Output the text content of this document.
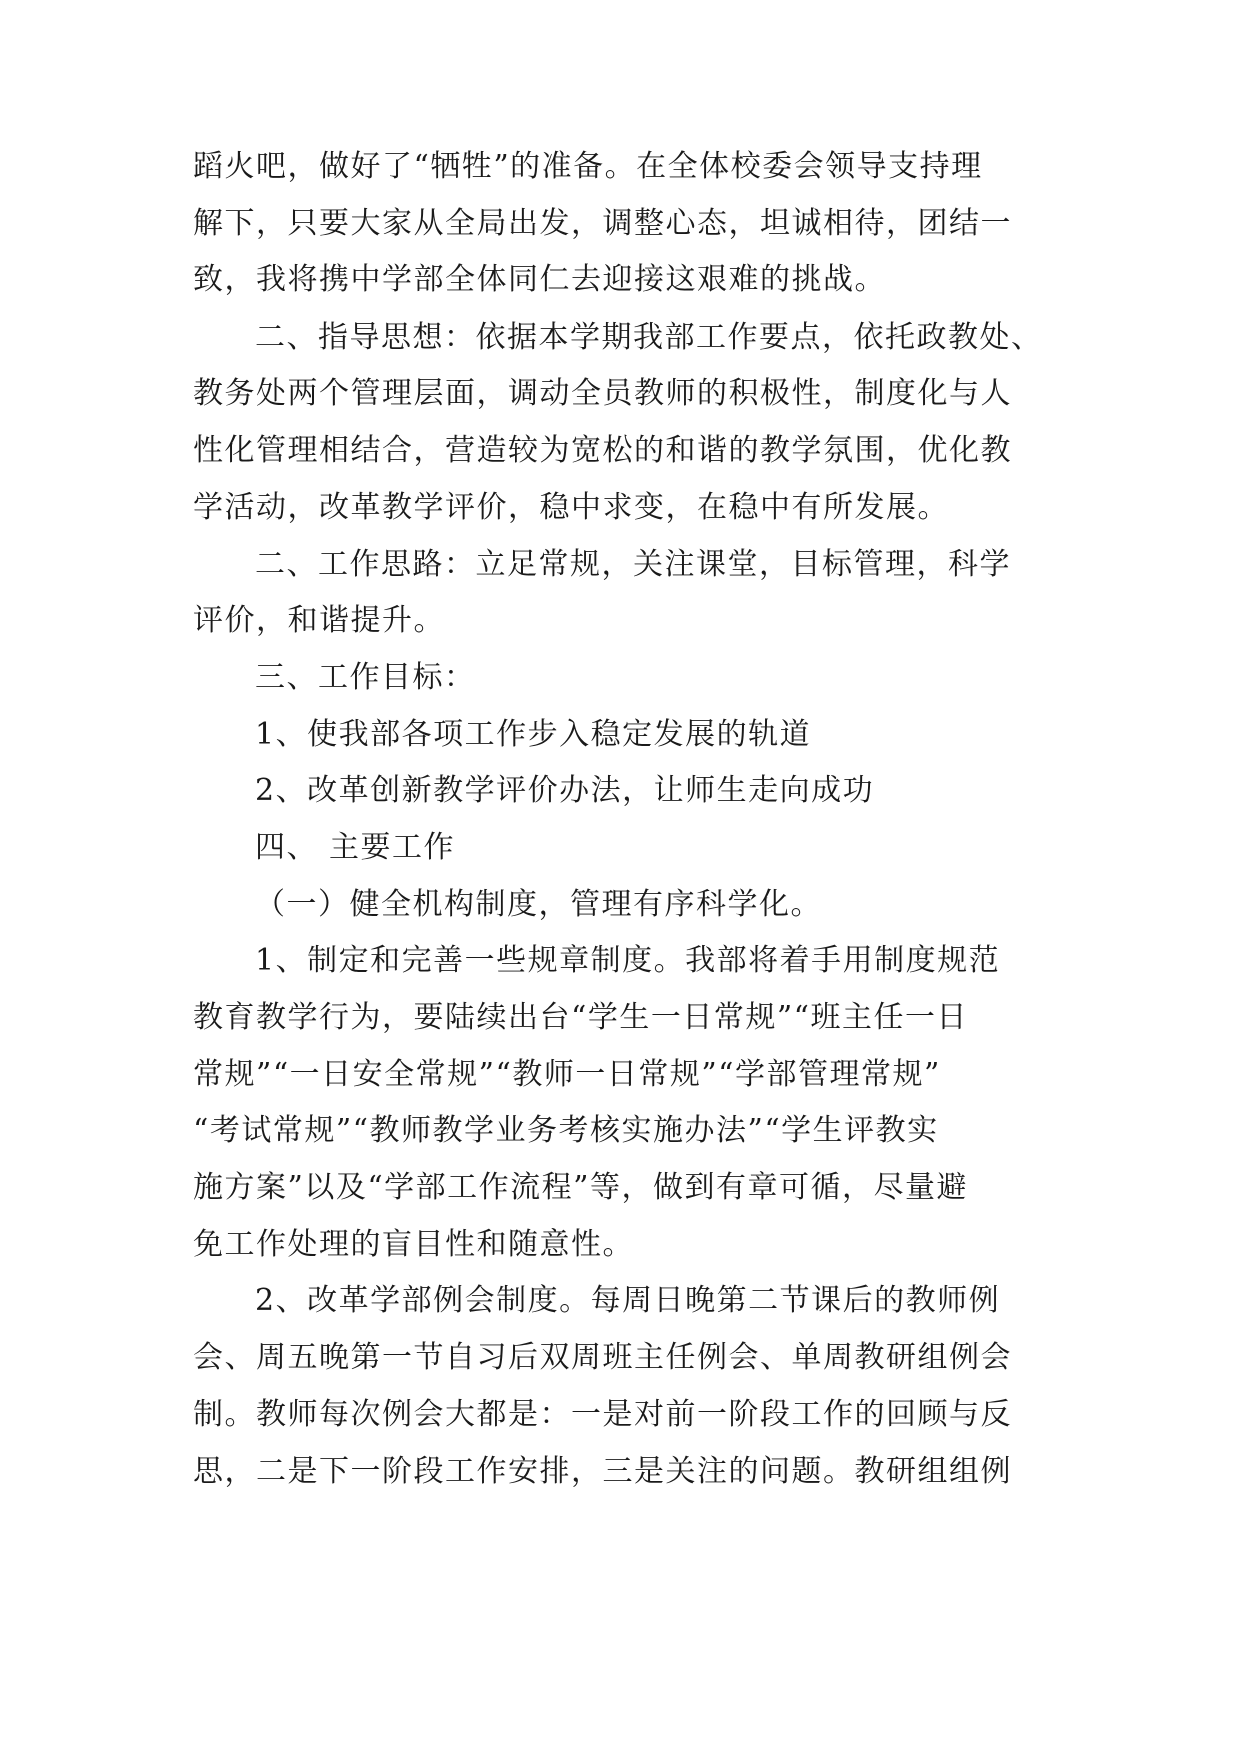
蹈火吧，做好了“牺牲”的准备。在全体校委会领导支持理
解下，只要大家从全局出发，调整心态，坦诚相待，团结一
致，我将携中学部全体同仁去迎接这艰难的挑战。
二、指导思想：依据本学期我部工作要点，依托政教处、
教务处两个管理层面，调动全员教师的积极性，制度化与人
性化管理相结合，营造较为宽松的和谐的教学氛围，优化教
学活动，改革教学评价，稳中求变，在稳中有所发展。
二、工作思路：立足常规，关注课堂，目标管理，科学
评价，和谐提升。
三、工作目标：
1、使我部各项工作步入稳定发展的轨道
2、改革创新教学评价办法，让师生走向成功
四、 主要工作
（一）健全机构制度，管理有序科学化。
1、制定和完善一些规章制度。我部将着手用制度规范
教育教学行为，要陆续出台“学生一日常规”“班主任一日
常规”“一日安全常规”“教师一日常规”“学部管理常规”
“考试常规”“教师教学业务考核实施办法”“学生评教实
施方案”以及“学部工作流程”等，做到有章可循，尽量避
免工作处理的盲目性和随意性。
2、改革学部例会制度。每周日晚第二节课后的教师例
会、周五晚第一节自习后双周班主任例会、单周教研组例会
制。教师每次例会大都是：一是对前一阶段工作的回顾与反
思，二是下一阶段工作安排，三是关注的问题。教研组组例
